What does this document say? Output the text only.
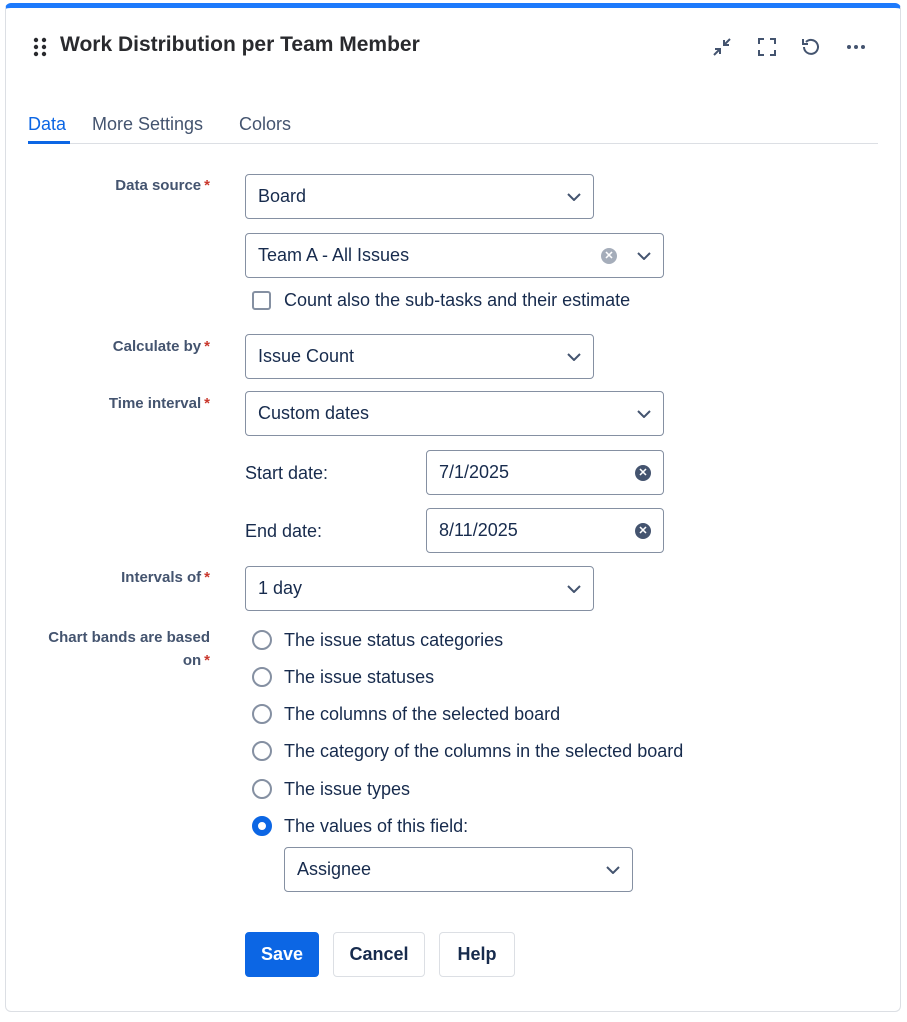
Work Distribution per Team Member
Data More Settings Colors
Data source *
Board
Team A - All Issues	✕
Count also the sub-tasks and their estimate
Calculate by *	Issue Count
Time interval *	Custom dates
Start date:	7/1/2025	✕
End date:	8/11/2025	✕
Intervals of *
1 day
Chart bands are based
on *
The issue status categories
The issue statuses
The columns of the selected board
The category of the columns in the selected board
The issue types
The values of this field:
Assignee
Save	Cancel	Help
